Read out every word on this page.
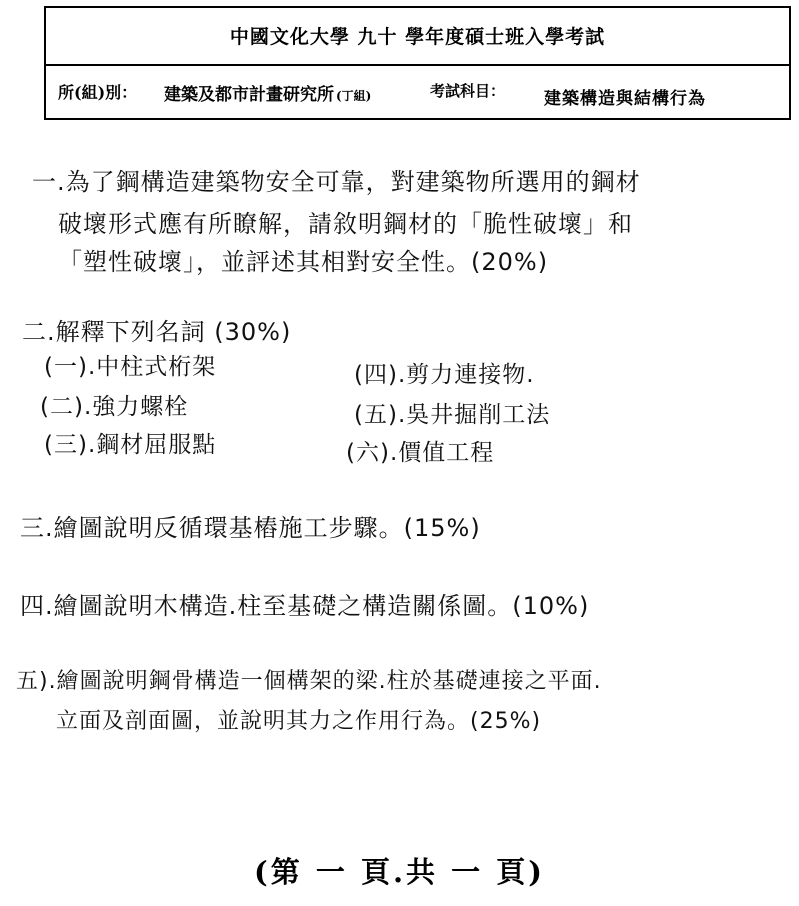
中國文化大學 九十 學年度碩士班入學考試
所(組)別： 建築及都市計畫研究所 (丁組)	考試科目： 建築構造與結構行為
一.為了鋼構造建築物安全可靠，對建築物所選用的鋼材
破壞形式應有所瞭解，請敘明鋼材的「脆性破壞」和
「塑性破壞」，並評述其相對安全性。(20%)
二.解釋下列名詞 (30%)
(一).中柱式桁架
(二).強力螺栓
(三).鋼材屈服點
(四).剪力連接物.
(五).吳井掘削工法
(六).價值工程
三.繪圖說明反循環基樁施工步驟。(15%)
四.繪圖說明木構造.柱至基礎之構造關係圖。(10%)
五).繪圖說明鋼骨構造一個構架的梁.柱於基礎連接之平面.
立面及剖面圖，並說明其力之作用行為。(25%)
(第 一 頁.共 一 頁)
